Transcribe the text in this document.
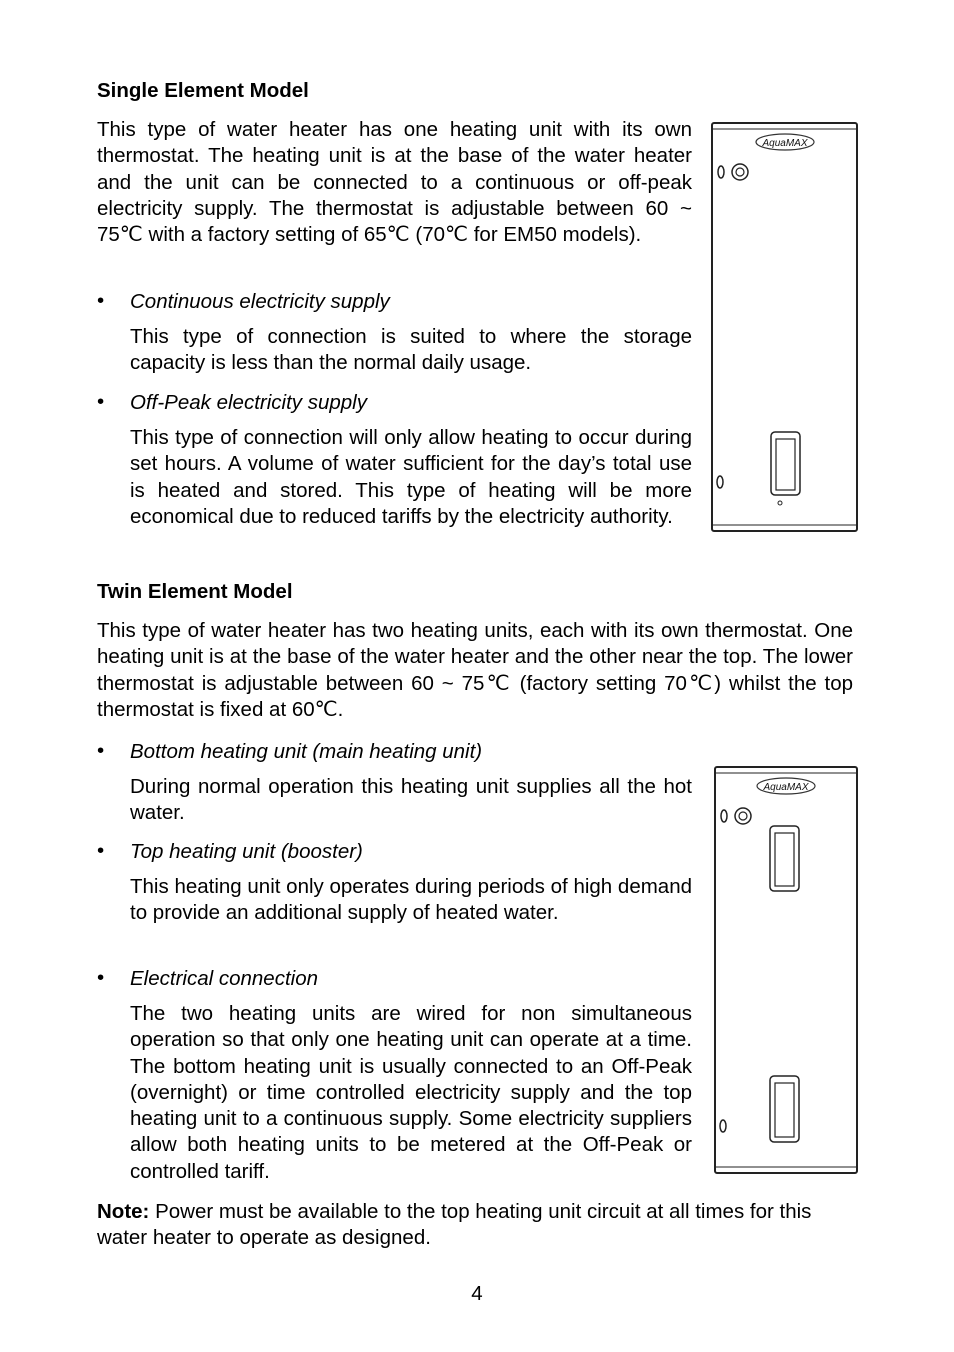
Single Element Model

This type of water heater has one heating unit with its own thermostat. The heating unit is at the base of the water heater and the unit can be connected to a continuous or off-peak electricity supply. The thermostat is adjustable between 60 ~ 75℃ with a factory setting of 65℃ (70℃ for EM50 models).

• Continuous electricity supply

This type of connection is suited to where the storage capacity is less than the normal daily usage.

• Off-Peak electricity supply

This type of connection will only allow heating to occur during set hours. A volume of water sufficient for the day’s total use is heated and stored. This type of heating will be more economical due to reduced tariffs by the electricity authority.

AquaMAX
Twin Element Model

This type of water heater has two heating units, each with its own thermostat. One heating unit is at the base of the water heater and the other near the top. The lower thermostat is adjustable between 60 ~ 75℃ (factory setting 70℃) whilst the top thermostat is fixed at 60℃.

• Bottom heating unit (main heating unit)

During normal operation this heating unit supplies all the hot water.

• Top heating unit (booster)

This heating unit only operates during periods of high demand to provide an additional supply of heated water.

• Electrical connection

The two heating units are wired for non simultaneous operation so that only one heating unit can operate at a time. The bottom heating unit is usually connected to an Off-Peak (overnight) or time controlled electricity supply and the top heating unit to a continuous supply. Some electricity suppliers allow both heating units to be metered at the Off-Peak or controlled tariff.

AquaMAX

Note: Power must be available to the top heating unit circuit at all times for this water heater to operate as designed.

4
